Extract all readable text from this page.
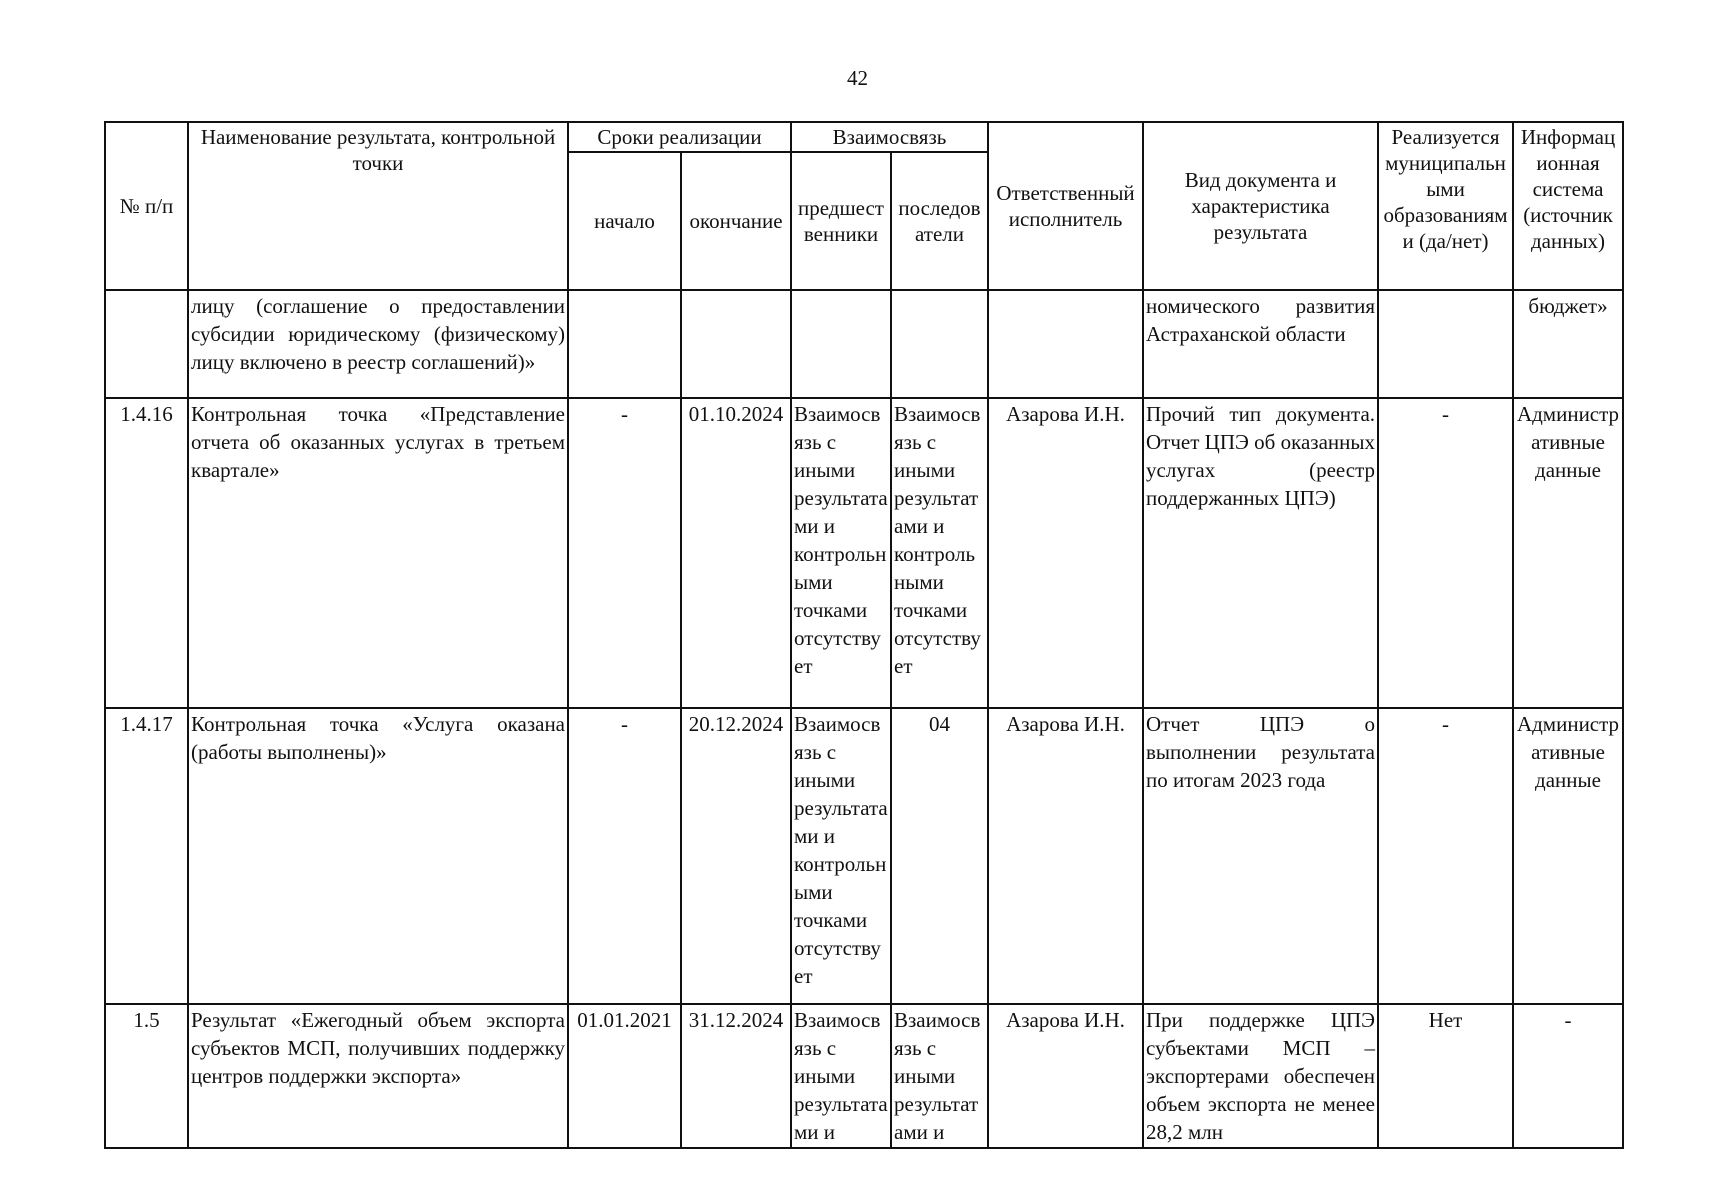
42
№ п/п	Наименование результата, контрольной точки	Сроки реализации		Взаимосвязь		Ответственный исполнитель	Вид документа и характеристика результата	Реализуется муниципальными образованиями (да/нет)	Информационная система (источник данных)
		начало	окончание	предшественники	последователи				
	лицу (соглашение о предоставлении субсидии юридическому (физическому) лицу включено в реестр соглашений)»						номического развития Астраханской области		бюджет»
1.4.16	Контрольная точка «Представление отчета об оказанных услугах в третьем квартале»	-	01.10.2024	Взаимосвязь с иными результатами и контрольными точками отсутствует	Взаимосвязь с иными результатами и контрольными точками отсутствует	Азарова И.Н.	Прочий тип документа. Отчет ЦПЭ об оказанных услугах (реестр поддержанных ЦПЭ)	-	Административные данные
1.4.17	Контрольная точка «Услуга оказана (работы выполнены)»	-	20.12.2024	Взаимосвязь с иными результатами и контрольными точками отсутствует	04	Азарова И.Н.	Отчет ЦПЭ о выполнении результата по итогам 2023 года	-	Административные данные
1.5	Результат «Ежегодный объем экспорта субъектов МСП, получивших поддержку центров поддержки экспорта»	01.01.2021	31.12.2024	Взаимосвязь с иными результатами и	Взаимосвязь с иными результатами и	Азарова И.Н.	При поддержке ЦПЭ субъектами МСП – экспортерами обеспечен объем экспорта не менее 28,2 млн	Нет	-
